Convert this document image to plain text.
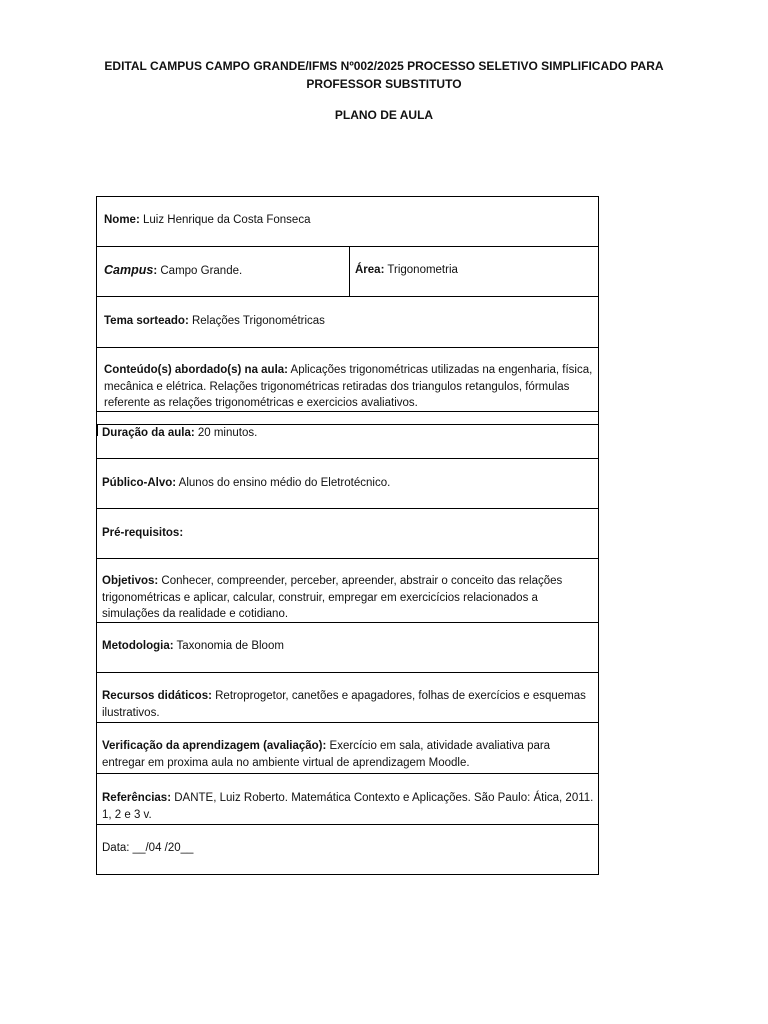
EDITAL CAMPUS CAMPO GRANDE/IFMS Nº002/2025 PROCESSO SELETIVO SIMPLIFICADO PARA
PROFESSOR SUBSTITUTO
PLANO DE AULA
Nome: Luiz Henrique da Costa Fonseca
Campus: Campo Grande.	Área: Trigonometria
Tema sorteado: Relações Trigonométricas
Conteúdo(s) abordado(s) na aula: Aplicações trigonométricas utilizadas na engenharia, física, mecânica e elétrica. Relações trigonométricas retiradas dos triangulos retangulos, fórmulas referente as relações trigonométricas e exercicios avaliativos.
Duração da aula: 20 minutos.
Público-Alvo: Alunos do ensino médio do Eletrotécnico.
Pré-requisitos:
Objetivos: Conhecer, compreender, perceber, apreender, abstrair o conceito das relações trigonométricas e aplicar, calcular, construir, empregar em exercicícios relacionados a simulações da realidade e cotidiano.
Metodologia: Taxonomia de Bloom
Recursos didáticos: Retroprogetor, canetões e apagadores, folhas de exercícios e esquemas ilustrativos.
Verificação da aprendizagem (avaliação): Exercício em sala, atividade avaliativa para entregar em proxima aula no ambiente virtual de aprendizagem Moodle.
Referências: DANTE, Luiz Roberto. Matemática Contexto e Aplicações. São Paulo: Ática, 2011. 1, 2 e 3 v.
Data: __/04 /20__
